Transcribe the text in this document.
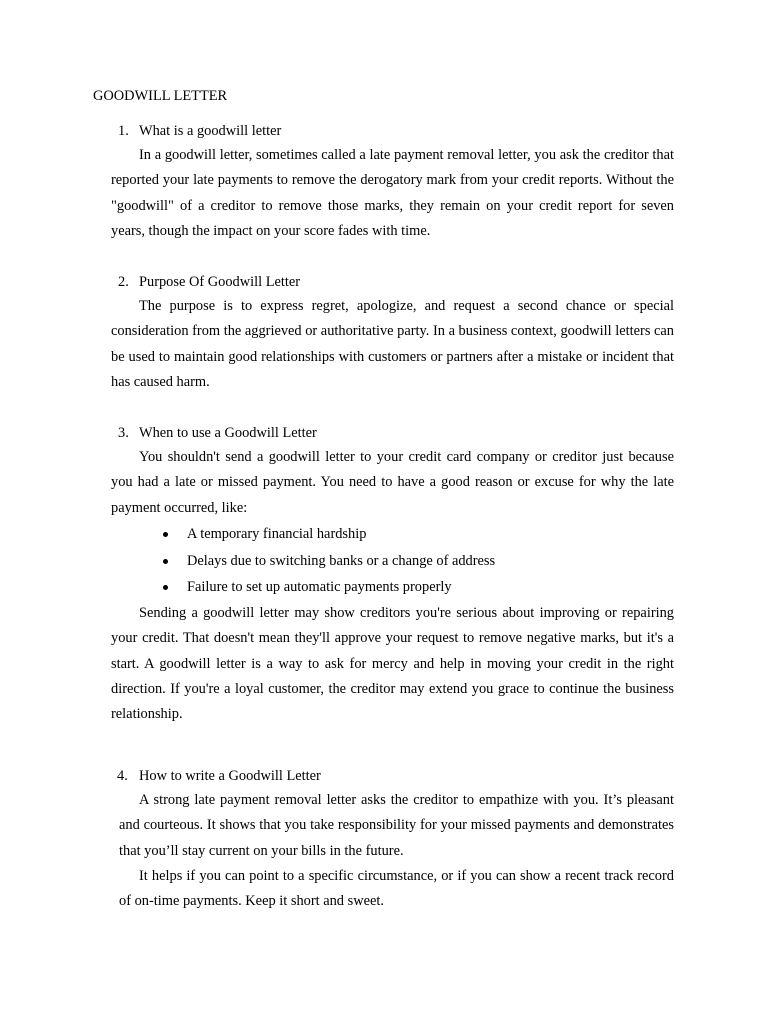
GOODWILL LETTER
1. What is a goodwill letter

In a goodwill letter, sometimes called a late payment removal letter, you ask the creditor that reported your late payments to remove the derogatory mark from your credit reports. Without the "goodwill" of a creditor to remove those marks, they remain on your credit report for seven years, though the impact on your score fades with time.

2. Purpose Of Goodwill Letter

The purpose is to express regret, apologize, and request a second chance or special consideration from the aggrieved or authoritative party. In a business context, goodwill letters can be used to maintain good relationships with customers or partners after a mistake or incident that has caused harm.

3. When to use a Goodwill Letter

You shouldn't send a goodwill letter to your credit card company or creditor just because you had a late or missed payment. You need to have a good reason or excuse for why the late payment occurred, like:

A temporary financial hardship
Delays due to switching banks or a change of address
Failure to set up automatic payments properly

Sending a goodwill letter may show creditors you're serious about improving or repairing your credit. That doesn't mean they'll approve your request to remove negative marks, but it's a start. A goodwill letter is a way to ask for mercy and help in moving your credit in the right direction. If you're a loyal customer, the creditor may extend you grace to continue the business relationship.

4. How to write a Goodwill Letter

A strong late payment removal letter asks the creditor to empathize with you. It’s pleasant and courteous. It shows that you take responsibility for your missed payments and demonstrates that you’ll stay current on your bills in the future.

It helps if you can point to a specific circumstance, or if you can show a recent track record of on-time payments. Keep it short and sweet.
